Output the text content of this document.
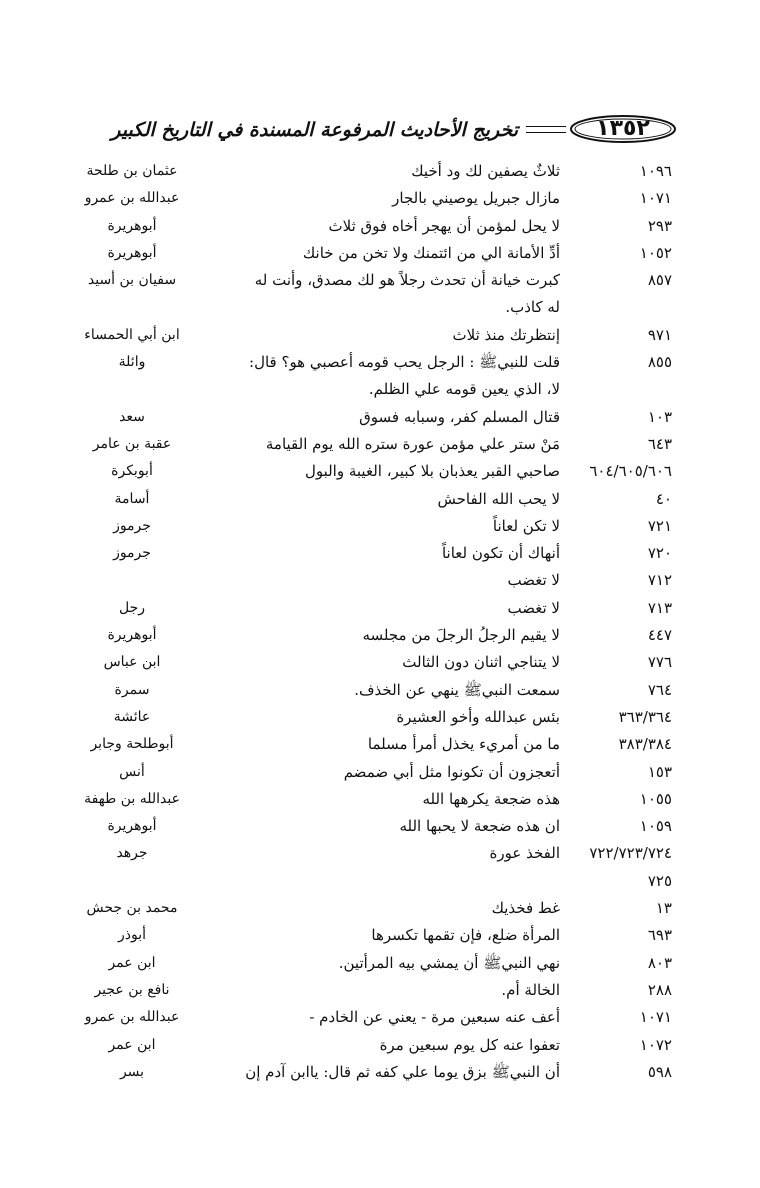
١٣٥٢
تخريج الأحاديث المرفوعة المسندة في التاريخ الكبير
١٠٩٦
ثلاثٌ يصفين لك ود أخيك
عثمان بن طلحة
١٠٧١
مازال جبريل يوصيني بالجار
عبدالله بن عمرو
٢٩٣
لا يحل لمؤمن أن يهجر أخاه فوق ثلاث
أبوهريرة
١٠٥٢
أدِّ الأمانة الي من ائتمنك ولا تخن من خانك
أبوهريرة
٨٥٧
كبرت خيانة أن تحدث رجلاً هو لك مصدق، وأنت له له كاذب.
سفيان بن أسيد
٩٧١
إنتظرتك منذ ثلاث
ابن أبي الحمساء
٨٥٥
قلت للنبيﷺ : الرجل يحب قومه أعصبي هو؟ قال: لا، الذي يعين قومه علي الظلم.
وائلة
١٠٣
قتال المسلم كفر، وسبابه فسوق
سعد
٦٤٣
مَنْ ستر علي مؤمن عورة ستره الله يوم القيامة
عقبة بن عامر
٦٠٤/٦٠٥/٦٠٦
صاحبي القبر يعذبان بلا كبير، الغيبة والبول
أبوبكرة
٤٠
لا يحب الله الفاحش
أسامة
٧٢١
لا تكن لعاناً
جرموز
٧٢٠
أنهاك أن تكون لعاناً
جرموز
٧١٢
لا تغضب
٧١٣
لا تغضب
رجل
٤٤٧
لا يقيم الرجلُ الرجلَ من مجلسه
أبوهريرة
٧٧٦
لا يتناجي اثنان دون الثالث
ابن عباس
٧٦٤
سمعت النبيﷺ ينهي عن الخذف.
سمرة
٣٦٣/٣٦٤
بئس عبدالله وأخو العشيرة
عائشة
٣٨٣/٣٨٤
ما من أمريء يخذل أمرأ مسلما
أبوطلحة وجابر
١٥٣
أتعجزون أن تكونوا مثل أبي ضمضم
أنس
١٠٥٥
هذه ضجعة يكرهها الله
عبدالله بن طهفة
١٠٥٩
ان هذه ضجعة لا يحبها الله
أبوهريرة
٧٢٢/٧٢٣/٧٢٤
الفخذ عورة
جرهد
٧٢٥
١٣
غط فخذيك
محمد بن جحش
٦٩٣
المرأة ضلع، فإن تقمها تكسرها
أبوذر
٨٠٣
نهي النبيﷺ أن يمشي بيه المرأتين.
ابن عمر
٢٨٨
الخالة أم.
نافع بن عجير
١٠٧١
أعف عنه سبعين مرة - يعني عن الخادم -
عبدالله بن عمرو
١٠٧٢
تعفوا عنه كل يوم سبعين مرة
ابن عمر
٥٩٨
أن النبيﷺ بزق يوما علي كفه ثم قال: ياابن آدم إن
بسر
